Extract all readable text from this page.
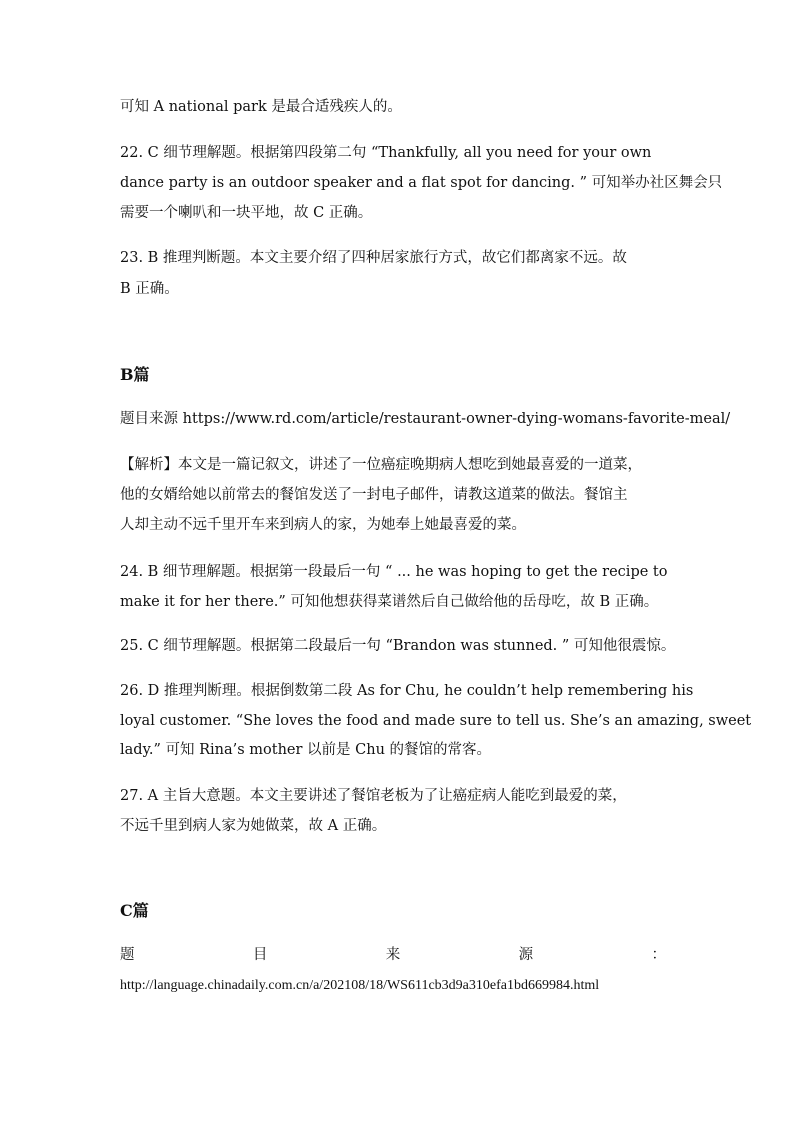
可知 A national park 是最合适残疾人的。
22. C 细节理解题。根据第四段第二句 “Thankfully, all you need for your own
dance party is an outdoor speaker and a flat spot for dancing. ” 可知举办社区舞会只
需要一个喇叭和一块平地，故 C 正确。
23. B 推理判断题。本文主要介绍了四种居家旅行方式，故它们都离家不远。故
B 正确。
B篇
题目来源 https://www.rd.com/article/restaurant-owner-dying-womans-favorite-meal/
【解析】本文是一篇记叙文，讲述了一位癌症晚期病人想吃到她最喜爱的一道菜，
他的女婿给她以前常去的餐馆发送了一封电子邮件，请教这道菜的做法。餐馆主
人却主动不远千里开车来到病人的家，为她奉上她最喜爱的菜。
24. B 细节理解题。根据第一段最后一句 “ ... he was hoping to get the recipe to
make it for her there.” 可知他想获得菜谱然后自己做给他的岳母吃，故 B 正确。
25. C 细节理解题。根据第二段最后一句 “Brandon was stunned. ” 可知他很震惊。
26. D 推理判断理。根据倒数第二段 As for Chu, he couldn’t help remembering his
loyal customer. “She loves the food and made sure to tell us. She’s an amazing, sweet
lady.” 可知 Rina’s mother 以前是 Chu 的餐馆的常客。
27. A 主旨大意题。本文主要讲述了餐馆老板为了让癌症病人能吃到最爱的菜，
不远千里到病人家为她做菜，故 A 正确。
C篇
题	目	来	源	：
http://language.chinadaily.com.cn/a/202108/18/WS611cb3d9a310efa1bd669984.html
